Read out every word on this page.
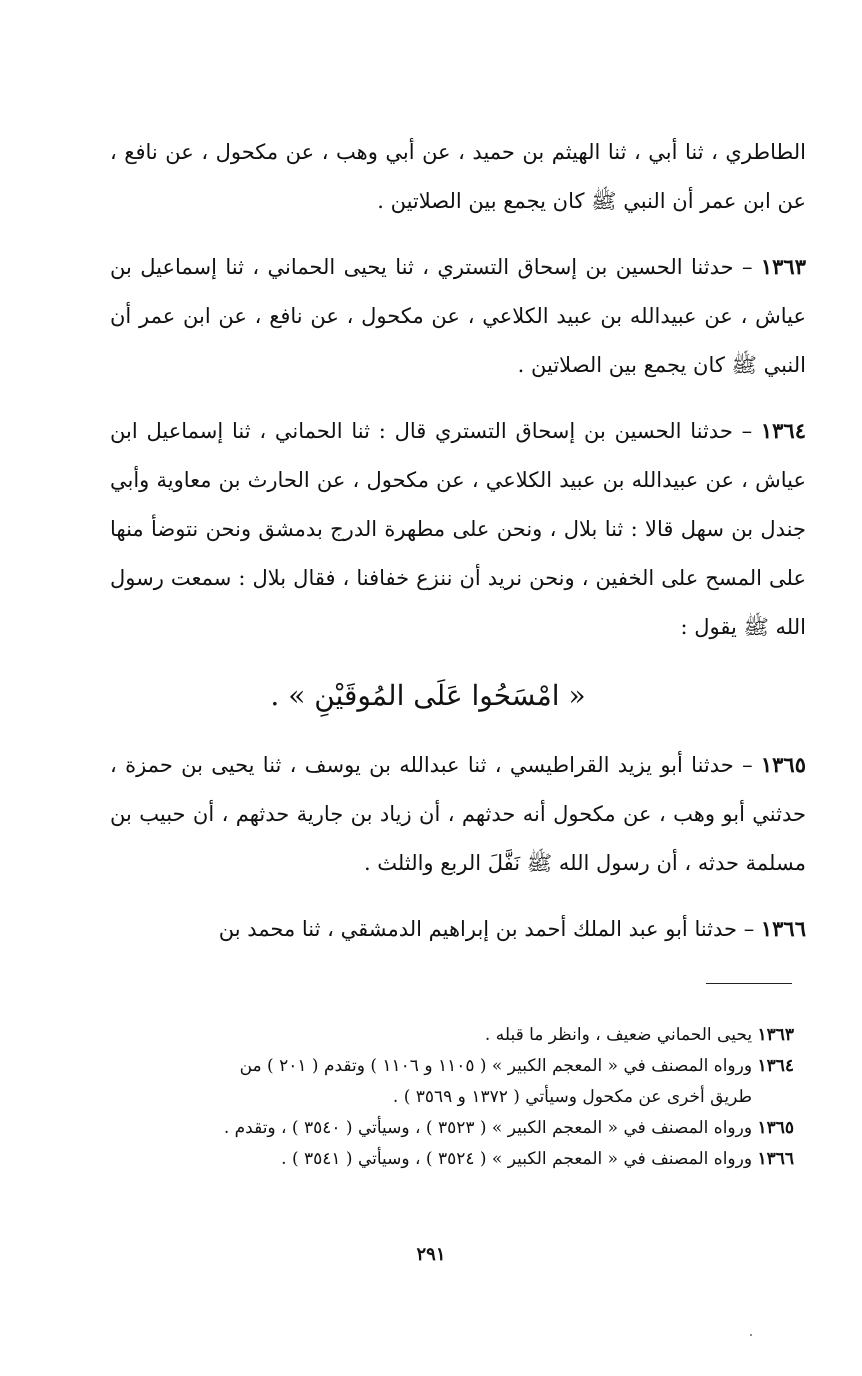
الطاطري ، ثنا أبي ، ثنا الهيثم بن حميد ، عن أبي وهب ، عن مكحول ، عن نافع ، عن ابن عمر أن النبي ﷺ كان يجمع بين الصلاتين .

١٣٦٣ – حدثنا الحسين بن إسحاق التستري ، ثنا يحيى الحماني ، ثنا إسماعيل بن عياش ، عن عبيدالله بن عبيد الكلاعي ، عن مكحول ، عن نافع ، عن ابن عمر أن النبي ﷺ كان يجمع بين الصلاتين .

١٣٦٤ – حدثنا الحسين بن إسحاق التستري قال : ثنا الحماني ، ثنا إسماعيل ابن عياش ، عن عبيدالله بن عبيد الكلاعي ، عن مكحول ، عن الحارث بن معاوية وأبي جندل بن سهل قالا : ثنا بلال ، ونحن على مطهرة الدرج بدمشق ونحن نتوضأ منها على المسح على الخفين ، ونحن نريد أن ننزع خفافنا ، فقال بلال : سمعت رسول الله ﷺ يقول :

« امْسَحُوا عَلَى المُوقَيْنِ » .

١٣٦٥ – حدثنا أبو يزيد القراطيسي ، ثنا عبدالله بن يوسف ، ثنا يحيى بن حمزة ، حدثني أبو وهب ، عن مكحول أنه حدثهم ، أن زياد بن جارية حدثهم ، أن حبيب بن مسلمة حدثه ، أن رسول الله ﷺ نَفَّلَ الربع والثلث .

١٣٦٦ – حدثنا أبو عبد الملك أحمد بن إبراهيم الدمشقي ، ثنا محمد بن

١٣٦٣ يحيى الحماني ضعيف ، وانظر ما قبله .

١٣٦٤ ورواه المصنف في « المعجم الكبير » ( ١١٠٥ و ١١٠٦ ) وتقدم ( ٢٠١ ) من

طريق أخرى عن مكحول وسيأتي ( ١٣٧٢ و ٣٥٦٩ ) .

١٣٦٥ ورواه المصنف في « المعجم الكبير » ( ٣٥٢٣ ) ، وسيأتي ( ٣٥٤٠ ) ، وتقدم .

١٣٦٦ ورواه المصنف في « المعجم الكبير » ( ٣٥٢٤ ) ، وسيأتي ( ٣٥٤١ ) .

٢٩١
